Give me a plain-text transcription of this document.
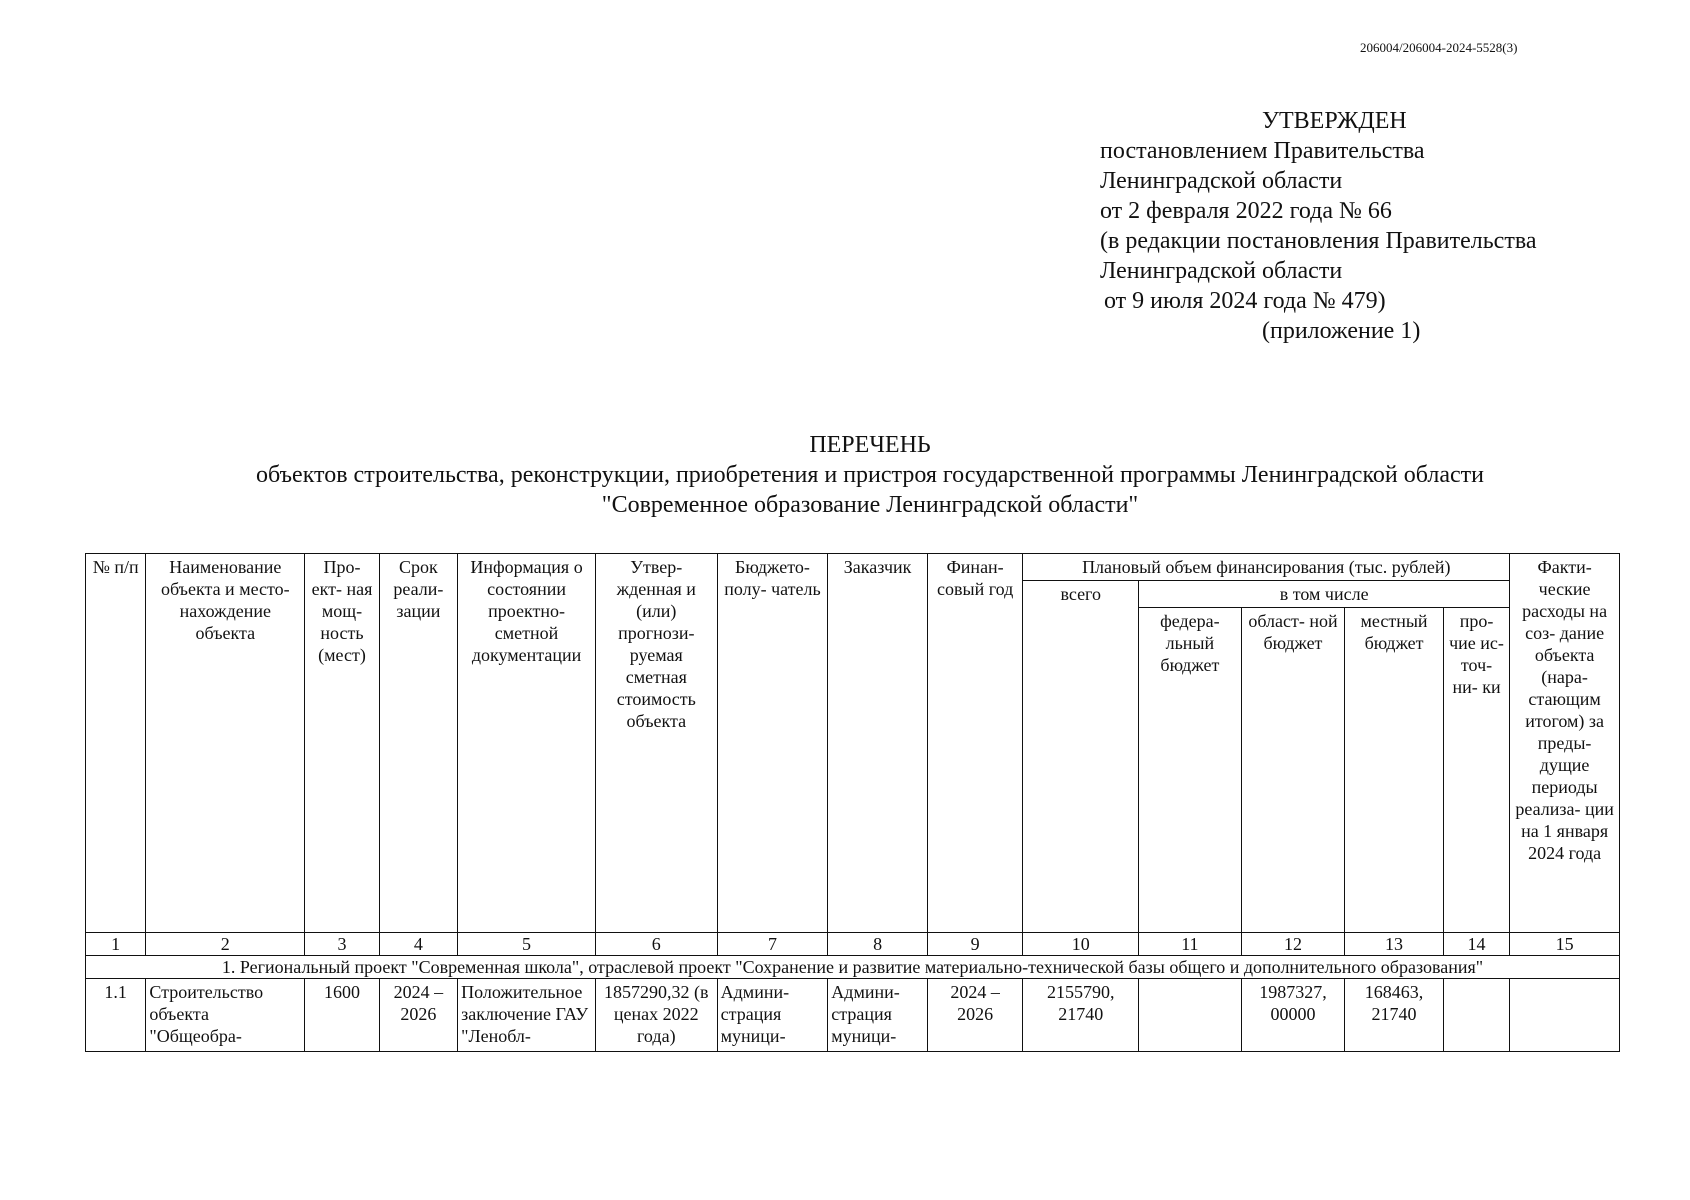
206004/206004-2024-5528(3)
УТВЕРЖДЕН
постановлением Правительства
Ленинградской области
от 2 февраля 2022 года № 66
(в редакции постановления Правительства
Ленинградской области
от 9 июля 2024 года № 479)
(приложение 1)
ПЕРЕЧЕНЬ
объектов строительства, реконструкции, приобретения и пристроя государственной программы Ленинградской области
"Современное образование Ленинградской области"
№ п/п	Наименование объекта и место- нахождение объекта	Про- ект- ная мощ- ность (мест)	Срок реали- зации	Информация о состоянии проектно- сметной документации	Утвер- жденная и (или) прогнози- руемая сметная стоимость объекта	Бюджето- полу- чатель	Заказчик	Финан- совый год	Плановый объем финансирования (тыс. рублей)					Факти- ческие расходы на соз- дание объекта (нара- стающим итогом) за преды- дущие периоды реализа- ции на 1 января 2024 года
									всего	в том числе				
										федера- льный бюджет	област- ной бюджет	местный бюджет	про- чие ис- точ- ни- ки	
1	2	3	4	5	6	7	8	9	10	11	12	13	14	15
1. Региональный проект "Современная школа", отраслевой проект "Сохранение и развитие материально-технической базы общего и дополнительного образования"														
1.1	Строительство объекта "Общеобра-	1600	2024 – 2026	Положительное заключение ГАУ "Ленобл-	1857290,32 (в ценах 2022 года)	Админи- страция муници-	Админи- страция муници-	2024 – 2026	2155790, 21740		1987327, 00000	168463, 21740		
